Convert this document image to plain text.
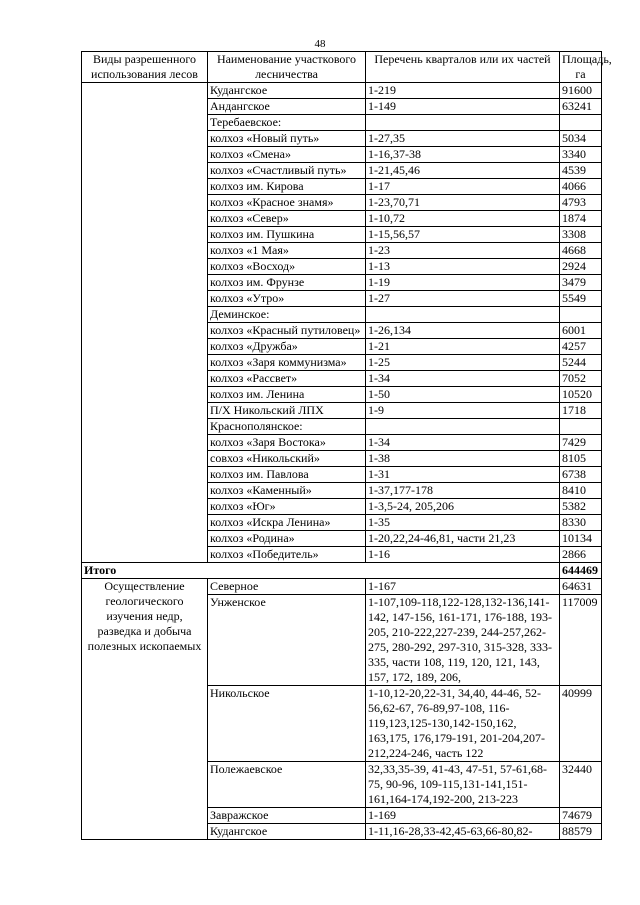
48
Виды разрешенного использования лесов	Наименование участкового лесничества	Перечень кварталов или их частей	Площадь, га
	Кудангское	1-219	91600
	Андангское	1-149	63241
	Теребаевское:		
	колхоз «Новый путь»	1-27,35	5034
	колхоз «Смена»	1-16,37-38	3340
	колхоз «Счастливый путь»	1-21,45,46	4539
	колхоз им. Кирова	1-17	4066
	колхоз «Красное знамя»	1-23,70,71	4793
	колхоз «Север»	1-10,72	1874
	колхоз им. Пушкина	1-15,56,57	3308
	колхоз «1 Мая»	1-23	4668
	колхоз «Восход»	1-13	2924
	колхоз им. Фрунзе	1-19	3479
	колхоз «Утро»	1-27	5549
	Деминское:		
	колхоз «Красный путиловец»	1-26,134	6001
	колхоз «Дружба»	1-21	4257
	колхоз «Заря коммунизма»	1-25	5244
	колхоз «Рассвет»	1-34	7052
	колхоз им. Ленина	1-50	10520
	П/Х Никольский ЛПХ	1-9	1718
	Краснополянское:		
	колхоз «Заря Востока»	1-34	7429
	совхоз «Никольский»	1-38	8105
	колхоз им. Павлова	1-31	6738
	колхоз «Каменный»	1-37,177-178	8410
	колхоз «Юг»	1-3,5-24, 205,206	5382
	колхоз «Искра Ленина»	1-35	8330
	колхоз «Родина»	1-20,22,24-46,81, части 21,23	10134
	колхоз «Победитель»	1-16	2866
Итого			644469
Осуществление геологического изучения недр, разведка и добыча полезных ископаемых	Северное	1-167	64631
	Унженское	1-107,109-118,122-128,132-136,141-142, 147-156, 161-171, 176-188, 193-205, 210-222,227-239, 244-257,262-275, 280-292, 297-310, 315-328, 333-335, части 108, 119, 120, 121, 143, 157, 172, 189, 206,	117009
	Никольское	1-10,12-20,22-31, 34,40, 44-46, 52-56,62-67, 76-89,97-108, 116-119,123,125-130,142-150,162, 163,175, 176,179-191, 201-204,207-212,224-246, часть 122	40999
	Полежаевское	32,33,35-39, 41-43, 47-51, 57-61,68-75, 90-96, 109-115,131-141,151-161,164-174,192-200, 213-223	32440
	Завражское	1-169	74679
	Кудангское	1-11,16-28,33-42,45-63,66-80,82-	88579
